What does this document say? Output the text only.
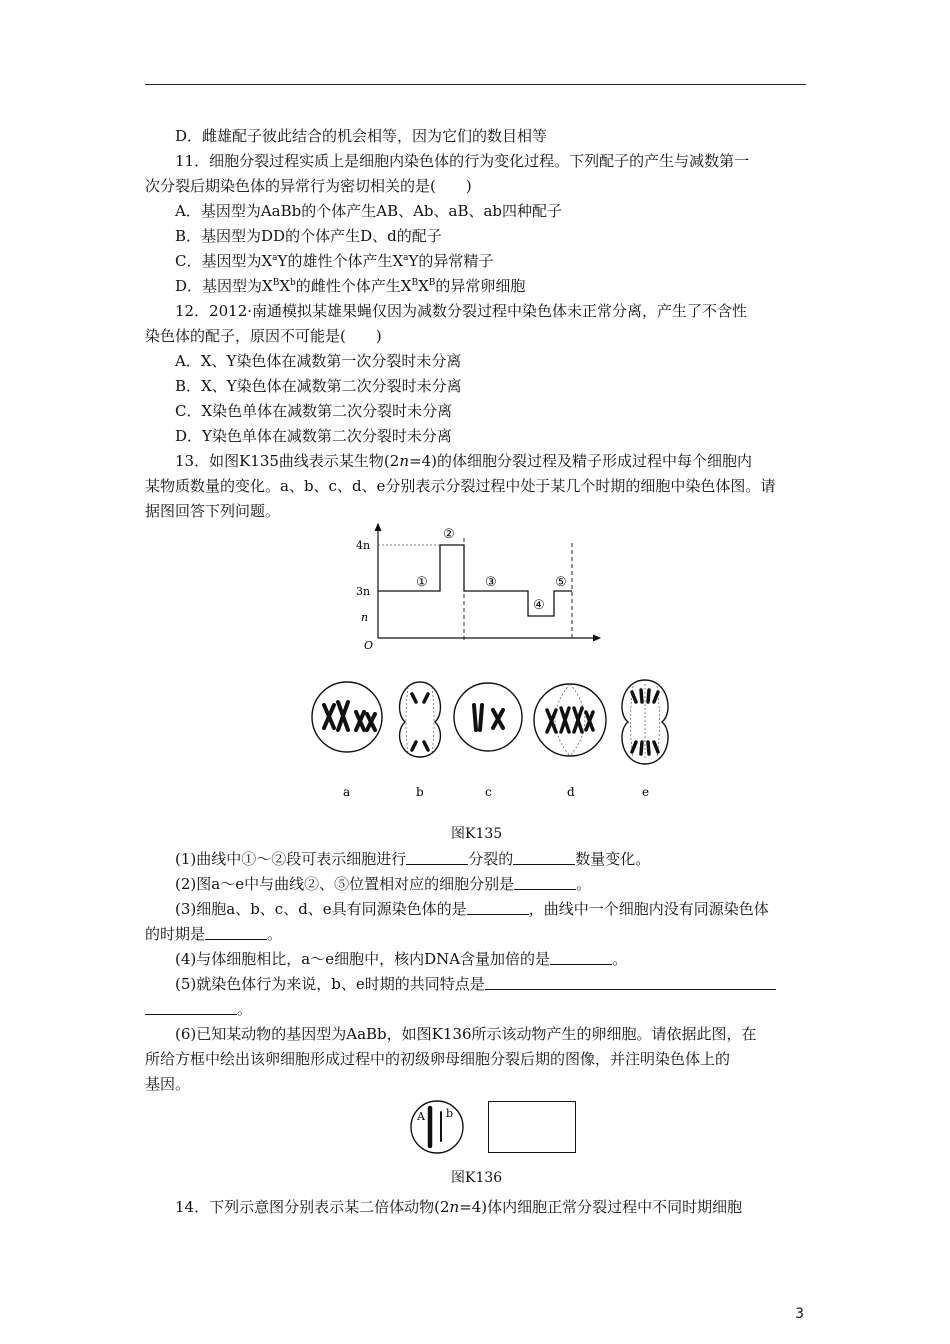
D．雌雄配子彼此结合的机会相等，因为它们的数目相等
11．细胞分裂过程实质上是细胞内染色体的行为变化过程。下列配子的产生与减数第一
次分裂后期染色体的异常行为密切相关的是(　　)
A．基因型为AaBb的个体产生AB、Ab、aB、ab四种配子
B．基因型为DD的个体产生D、d的配子
C．基因型为$X^aY$的雄性个体产生$X^aY$的异常精子
D．基因型为$X^BX^b$的雌性个体产生$X^BX^B$的异常卵细胞
12．2012·南通模拟某雄果蝇仅因为减数分裂过程中染色体未正常分离，产生了不含性
染色体的配子，原因不可能是(　　)
A．X、Y染色体在减数第一次分裂时未分离
B．X、Y染色体在减数第二次分裂时未分离
C．X染色单体在减数第二次分裂时未分离
D．Y染色单体在减数第二次分裂时未分离
13．如图K135曲线表示某生物(2n=4)的体细胞分裂过程及精子形成过程中每个细胞内
某物质数量的变化。a、b、c、d、e分别表示分裂过程中处于某几个时期的细胞中染色体图。请
据图回答下列问题。
4n
3n
n
O
①
②
③
④
⑤
a	b	c	d	e
图K135
(1)曲线中①～②段可表示细胞进行	分裂的	数量变化。
(2)图a～e中与曲线②、⑤位置相对应的细胞分别是	。
(3)细胞a、b、c、d、e具有同源染色体的是	，曲线中一个细胞内没有同源染色体
的时期是	。
(4)与体细胞相比，a～e细胞中，核内DNA含量加倍的是	。
(5)就染色体行为来说，b、e时期的共同特点是
。
(6)已知某动物的基因型为AaBb，如图K136所示该动物产生的卵细胞。请依据此图，在
所给方框中绘出该卵细胞形成过程中的初级卵母细胞分裂后期的图像，并注明染色体上的
基因。
A b
图K136
14．下列示意图分别表示某二倍体动物(2n=4)体内细胞正常分裂过程中不同时期细胞
3
